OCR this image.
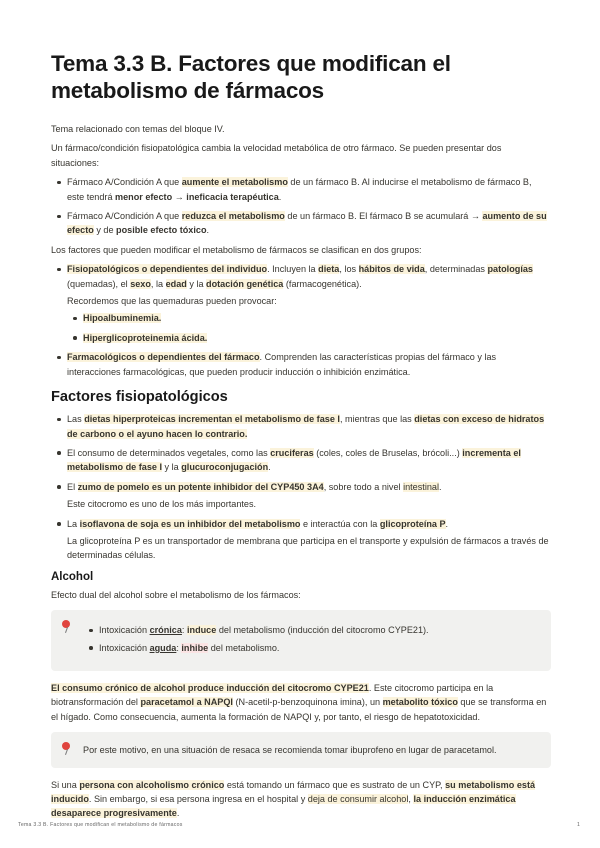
Tema 3.3 B. Factores que modifican el metabolismo de fármacos

Tema relacionado con temas del bloque IV.

Un fármaco/condición fisiopatológica cambia la velocidad metabólica de otro fármaco. Se pueden presentar dos situaciones:

Fármaco A/Condición A que aumente el metabolismo de un fármaco B. Al inducirse el metabolismo de fármaco B, este tendrá menor efecto → ineficacia terapéutica.
Fármaco A/Condición A que reduzca el metabolismo de un fármaco B. El fármaco B se acumulará → aumento de su efecto y de posible efecto tóxico.

Los factores que pueden modificar el metabolismo de fármacos se clasifican en dos grupos:

Fisiopatológicos o dependientes del individuo. Incluyen la dieta, los hábitos de vida, determinadas patologías (quemadas), el sexo, la edad y la dotación genética (farmacogenética).

Recordemos que las quemaduras pueden provocar:

Hipoalbuminemia.
Hiperglicoproteinemia ácida.
Farmacológicos o dependientes del fármaco. Comprenden las características propias del fármaco y las interacciones farmacológicas, que pueden producir inducción o inhibición enzimática.
Factores fisiopatológicos
Las dietas hiperproteicas incrementan el metabolismo de fase I, mientras que las dietas con exceso de hidratos de carbono o el ayuno hacen lo contrario.
El consumo de determinados vegetales, como las cruciferas (coles, coles de Bruselas, brócoli...) incrementa el metabolismo de fase I y la glucuroconjugación.
El zumo de pomelo es un potente inhibidor del CYP450 3A4, sobre todo a nivel intestinal.

Este citocromo es uno de los más importantes.

La isoflavona de soja es un inhibidor del metabolismo e interactúa con la glicoproteína P.

La glicoproteína P es un transportador de membrana que participa en el transporte y expulsión de fármacos a través de determinadas células.

Alcohol

Efecto dual del alcohol sobre el metabolismo de los fármacos:

Intoxicación crónica: induce del metabolismo (inducción del citocromo CYPE21).
Intoxicación aguda: inhibe del metabolismo.

El consumo crónico de alcohol produce inducción del citocromo CYPE21. Este citocromo participa en la biotransformación del paracetamol a NAPQI (N-acetil-p-benzoquinona imina), un metabolito tóxico que se transforma en el hígado. Como consecuencia, aumenta la formación de NAPQI y, por tanto, el riesgo de hepatotoxicidad.

Por este motivo, en una situación de resaca se recomienda tomar ibuprofeno en lugar de paracetamol.

Si una persona con alcoholismo crónico está tomando un fármaco que es sustrato de un CYP, su metabolismo está inducido. Sin embargo, si esa persona ingresa en el hospital y deja de consumir alcohol, la inducción enzimática desaparece progresivamente.

Tema 3.3 B. Factores que modifican el metabolismo de fármacos	1
